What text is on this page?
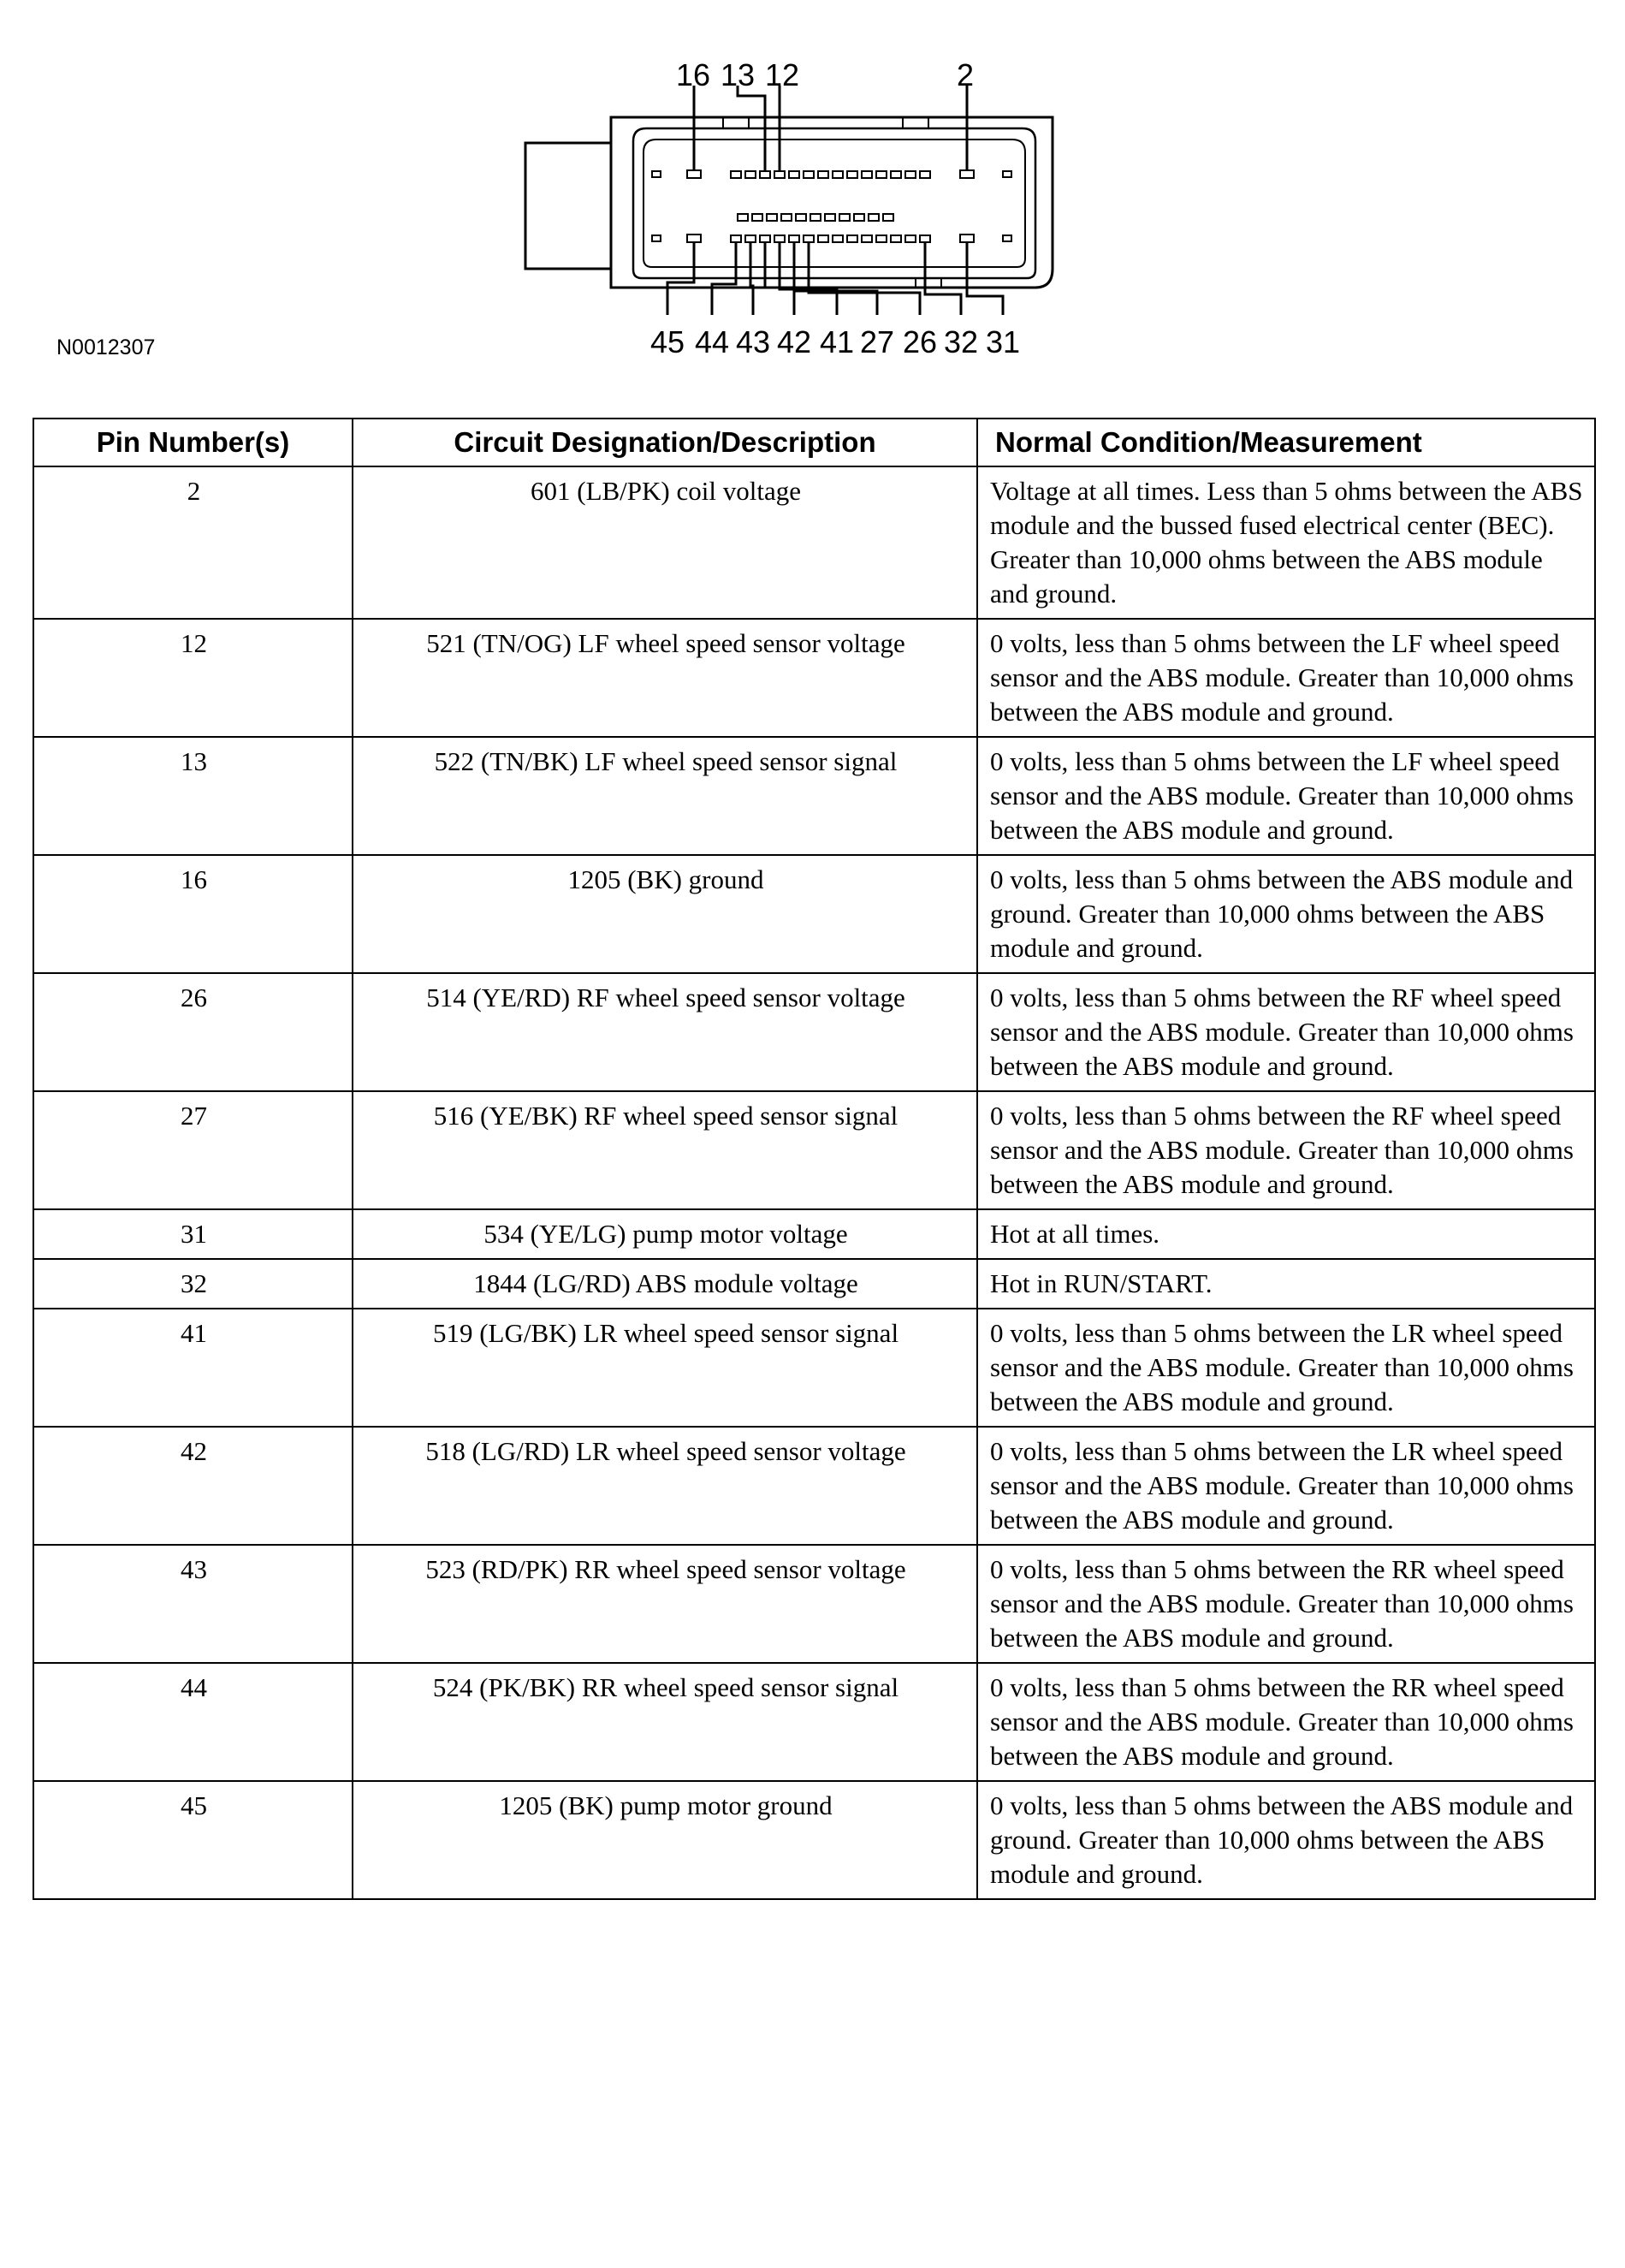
16 13 12	2
45 44 43 42 41 27 26 32 31
N0012307
Pin Number(s)	Circuit Designation/Description	Normal Condition/Measurement
2	601 (LB/PK) coil voltage	Voltage at all times. Less than 5 ohms between the ABS module and the bussed fused electrical center (BEC). Greater than 10,000 ohms between the ABS module and ground.
12	521 (TN/OG) LF wheel speed sensor voltage	0 volts, less than 5 ohms between the LF wheel speed sensor and the ABS module. Greater than 10,000 ohms between the ABS module and ground.
13	522 (TN/BK) LF wheel speed sensor signal	0 volts, less than 5 ohms between the LF wheel speed sensor and the ABS module. Greater than 10,000 ohms between the ABS module and ground.
16	1205 (BK) ground	0 volts, less than 5 ohms between the ABS module and ground. Greater than 10,000 ohms between the ABS module and ground.
26	514 (YE/RD) RF wheel speed sensor voltage	0 volts, less than 5 ohms between the RF wheel speed sensor and the ABS module. Greater than 10,000 ohms between the ABS module and ground.
27	516 (YE/BK) RF wheel speed sensor signal	0 volts, less than 5 ohms between the RF wheel speed sensor and the ABS module. Greater than 10,000 ohms between the ABS module and ground.
31	534 (YE/LG) pump motor voltage	Hot at all times.
32	1844 (LG/RD) ABS module voltage	Hot in RUN/START.
41	519 (LG/BK) LR wheel speed sensor signal	0 volts, less than 5 ohms between the LR wheel speed sensor and the ABS module. Greater than 10,000 ohms between the ABS module and ground.
42	518 (LG/RD) LR wheel speed sensor voltage	0 volts, less than 5 ohms between the LR wheel speed sensor and the ABS module. Greater than 10,000 ohms between the ABS module and ground.
43	523 (RD/PK) RR wheel speed sensor voltage	0 volts, less than 5 ohms between the RR wheel speed sensor and the ABS module. Greater than 10,000 ohms between the ABS module and ground.
44	524 (PK/BK) RR wheel speed sensor signal	0 volts, less than 5 ohms between the RR wheel speed sensor and the ABS module. Greater than 10,000 ohms between the ABS module and ground.
45	1205 (BK) pump motor ground	0 volts, less than 5 ohms between the ABS module and ground. Greater than 10,000 ohms between the ABS module and ground.
